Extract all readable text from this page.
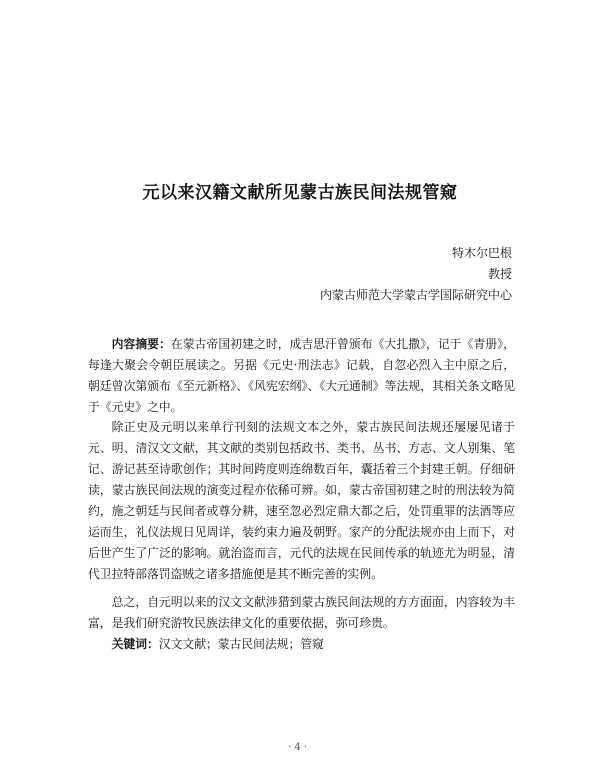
元以来汉籍文献所见蒙古族民间法规管窥
特木尔巴根
教授
内蒙古师范大学蒙古学国际研究中心
内容摘要：在蒙古帝国初建之时，成吉思汗曾颁布《大扎撒》，记于《青册》，每逢大聚会令朝臣展读之。另据《元史·刑法志》记载，自忽必烈入主中原之后，朝廷曾次第颁布《至元新格》、《风宪宏纲》、《大元通制》等法规，其相关条文略见于《元史》之中。
除正史及元明以来单行刊刻的法规文本之外，蒙古族民间法规还屡屡见诸于元、明、清汉文文献，其文献的类别包括政书、类书、丛书、方志、文人别集、笔记、游记甚至诗歌创作；其时间跨度则连绵数百年，囊括着三个封建王朝。仔细研读，蒙古族民间法规的演变过程亦依稀可辨。如，蒙古帝国初建之时的刑法较为简约，施之朝廷与民间者或尊分耕，速至忽必烈定鼎大都之后，处罚重罪的法酒等应运而生，礼仪法规日见周详，装约束力遍及朝野。家产的分配法规亦由上而下，对后世产生了广泛的影响。就治盗而言，元代的法规在民间传承的轨迹尤为明显，清代卫拉特部落罚盗贼之诸多措施便是其不断完善的实例。
总之，自元明以来的汉文文献涉猎到蒙古族民间法规的方方面面，内容较为丰富，是我们研究游牧民族法律文化的重要依据，弥可珍贵。
关键词：汉文文献；蒙古民间法规；管窥
· 4 ·
